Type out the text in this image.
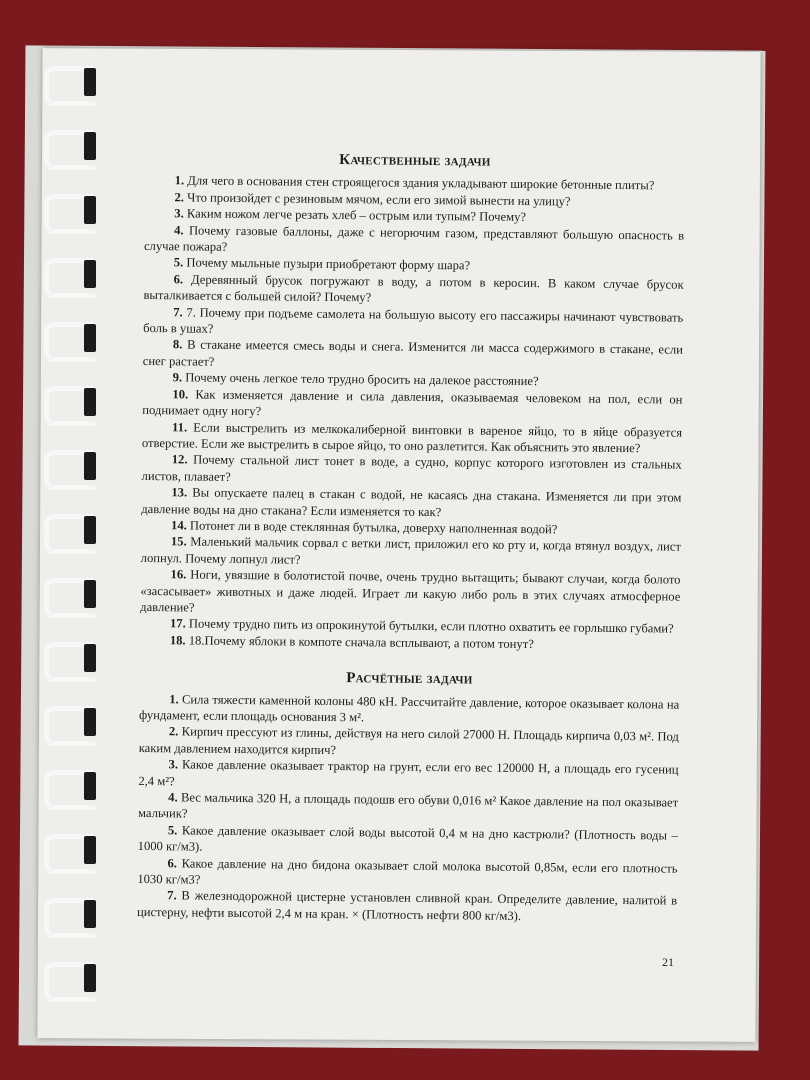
Качественные задачи

1. Для чего в основания стен строящегося здания укладывают широкие бетонные плиты?

2. Что произойдет с резиновым мячом, если его зимой вынести на улицу?

3. Каким ножом легче резать хлеб – острым или тупым? Почему?

4. Почему газовые баллоны, даже с негорючим газом, представляют большую опасность в случае пожара?

5. Почему мыльные пузыри приобретают форму шара?

6. Деревянный брусок погружают в воду, а потом в керосин. В каком случае брусок выталкивается с большей силой? Почему?

7. 7. Почему при подъеме самолета на большую высоту его пассажиры начинают чувствовать боль в ушах?

8. В стакане имеется смесь воды и снега. Изменится ли масса содержимого в стакане, если снег растает?

9. Почему очень легкое тело трудно бросить на далекое расстояние?

10. Как изменяется давление и сила давления, оказываемая человеком на пол, если он поднимает одну ногу?

11. Если выстрелить из мелкокалиберной винтовки в вареное яйцо, то в яйце образуется отверстие. Если же выстрелить в сырое яйцо, то оно разлетится. Как объяснить это явление?

12. Почему стальной лист тонет в воде, а судно, корпус которого изготовлен из стальных листов, плавает?

13. Вы опускаете палец в стакан с водой, не касаясь дна стакана. Изменяется ли при этом давление воды на дно стакана? Если изменяется то как?

14. Потонет ли в воде стеклянная бутылка, доверху наполненная водой?

15. Маленький мальчик сорвал с ветки лист, приложил его ко рту и, когда втянул воздух, лист лопнул. Почему лопнул лист?

16. Ноги, увязшие в болотистой почве, очень трудно вытащить; бывают случаи, когда болото «засасывает» животных и даже людей. Играет ли какую либо роль в этих случаях атмосферное давление?

17. Почему трудно пить из опрокинутой бутылки, если плотно охватить ее горлышко губами?

18. 18.Почему яблоки в компоте сначала всплывают, а потом тонут?

Расчётные задачи

1. Сила тяжести каменной колоны 480 кН. Рассчитайте давление, которое оказывает колона на фундамент, если площадь основания 3 м².

2. Кирпич прессуют из глины, действуя на него силой 27000 Н. Площадь кирпича 0,03 м². Под каким давлением находится кирпич?

3. Какое давление оказывает трактор на грунт, если его вес 120000 Н, а площадь его гусениц 2,4 м²?

4. Вес мальчика 320 Н, а площадь подошв его обуви 0,016 м² Какое давление на пол оказывает мальчик?

5. Какое давление оказывает слой воды высотой 0,4 м на дно кастрюли? (Плотность воды – 1000 кг/м3).

6. Какое давление на дно бидона оказывает слой молока высотой 0,85м, если его плотность 1030 кг/м3?

7. В железнодорожной цистерне установлен сливной кран. Определите давление, налитой в цистерну, нефти высотой 2,4 м на кран. × (Плотность нефти 800 кг/м3).

21
